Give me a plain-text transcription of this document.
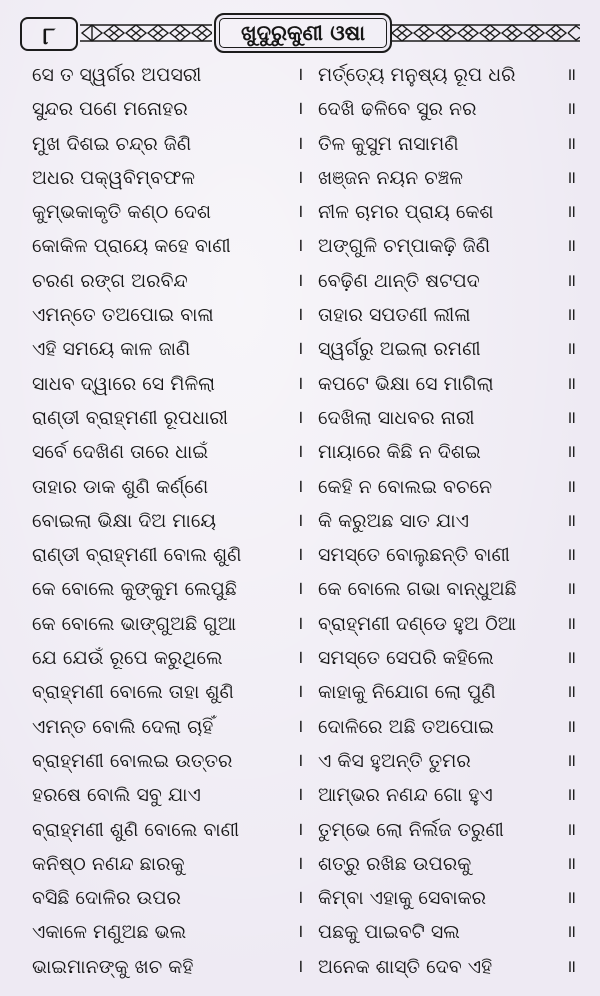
୮	ଖୁଦୁରୁକୁଣୀ ଓଷା
ସେ ତ ସ୍ୱର୍ଗର ଅପସରୀ	। ମର୍ତ୍ତ୍ୟେ ମନୁଷ୍ୟ ରୂପ ଧରି	॥
ସୁନ୍ଦର ପଣେ ମନୋହର	। ଦେଖି ଢଳିବେ ସୁର ନର	॥
ମୁଖ ଦିଶଇ ଚନ୍ଦ୍ର ଜିଣି	। ତିଳ କୁସୁମ ନାସାମଣି	॥
ଅଧର ପକ୍ୱବିମ୍ବଫଳ	। ଖଞ୍ଜନ ନୟନ ଚଞ୍ଚଳ	॥
କୁମ୍ଭକାକୃତି କଣ୍ଠ ଦେଶ	। ନୀଳ ଚାମର ପ୍ରାୟ କେଶ	॥
କୋକିଳ ପ୍ରାୟେ କହେ ବାଣୀ	। ଅଙ୍ଗୁଳି ଚମ୍ପାକଢ଼ି ଜିଣି	॥
ଚରଣ ରଙ୍ଗ ଅରବିନ୍ଦ	। ବେଢ଼ିଣ ଥାନ୍ତି ଷଟପଦ	॥
ଏମନ୍ତେ ତଅପୋଇ ବାଳା	। ତାହାର ସପତଣୀ ଲୀଳା	॥
ଏହି ସମୟେ କାଳ ଜାଣି	। ସ୍ୱର୍ଗରୁ ଅଇଲା ରମଣୀ	॥
ସାଧବ ଦ୍ୱାରେ ସେ ମିଳିଲା	। କପଟେ ଭିକ୍ଷା ସେ ମାଗିଲା	॥
ରାଣ୍ଡୀ ବ୍ରାହ୍ମଣୀ ରୂପଧାରୀ	। ଦେଖିଲା ସାଧବର ନାରୀ	॥
ସର୍ବେ ଦେଖିଣ ତାରେ ଧାଇଁ	। ମାୟାରେ କିଛି ନ ଦିଶଇ	॥
ତାହାର ଡାକ ଶୁଣି କର୍ଣ୍ଣେ	। କେହି ନ ବୋଲଇ ବଚନେ	॥
ବୋଇଲା ଭିକ୍ଷା ଦିଅ ମାୟେ	। କି କରୁଅଛ ସାତ ଯାଏ	॥
ରାଣ୍ଡୀ ବ୍ରାହ୍ମଣୀ ବୋଲ ଶୁଣି	। ସମସ୍ତେ ବୋଲୁଛନ୍ତି ବାଣୀ	॥
କେ ବୋଲେ କୁଙ୍କୁମ ଲେପୁଛି	। କେ ବୋଲେ ଗଭା ବାନ୍ଧୁଅଛି	॥
କେ ବୋଲେ ଭାଙ୍ଗୁଅଛି ଗୁଆ	। ବ୍ରାହ୍ମଣୀ ଦଣ୍ଡେ ହୁଅ ଠିଆ	॥
ଯେ ଯେଉଁ ରୂପେ କରୁଥିଲେ	। ସମସ୍ତେ ସେପରି କହିଲେ	॥
ବ୍ରାହ୍ମଣୀ ବୋଲେ ତାହା ଶୁଣି	। କାହାକୁ ନିଯୋଗ ଲୋ ପୁଣି	॥
ଏମନ୍ତ ବୋଲି ଦେଲା ଚାହିଁ	। ଦୋଳିରେ ଅଛି ତଅପୋଇ	॥
ବ୍ରାହ୍ମଣୀ ବୋଲଇ ଉତ୍ତର	। ଏ କିସ ହୁଅନ୍ତି ତୁମର	॥
ହରଷେ ବୋଲି ସବୁ ଯାଏ	। ଆମ୍ଭର ନଣନ୍ଦ ଗୋ ହୁଏ	॥
ବ୍ରାହ୍ମଣୀ ଶୁଣି ବୋଲେ ବାଣୀ	। ତୁମ୍ଭେ ଲୋ ନିର୍ଲଜ ତରୁଣୀ	॥
କନିଷ୍ଠ ନଣନ୍ଦ ଛାରକୁ	। ଶତ୍ରୁ ରଖିଛ ଉପରକୁ	॥
ବସିଛି ଦୋଳିର ଉପର	। କିମ୍ବା ଏହାକୁ ସେବାକର	॥
ଏକାଳେ ମଣୁଅଛ ଭଲ	। ପଛକୁ ପାଇବଟି ସଲ	॥
ଭାଇମାନଙ୍କୁ ଖଚ କହି	। ଅନେକ ଶାସ୍ତି ଦେବ ଏହି	॥
